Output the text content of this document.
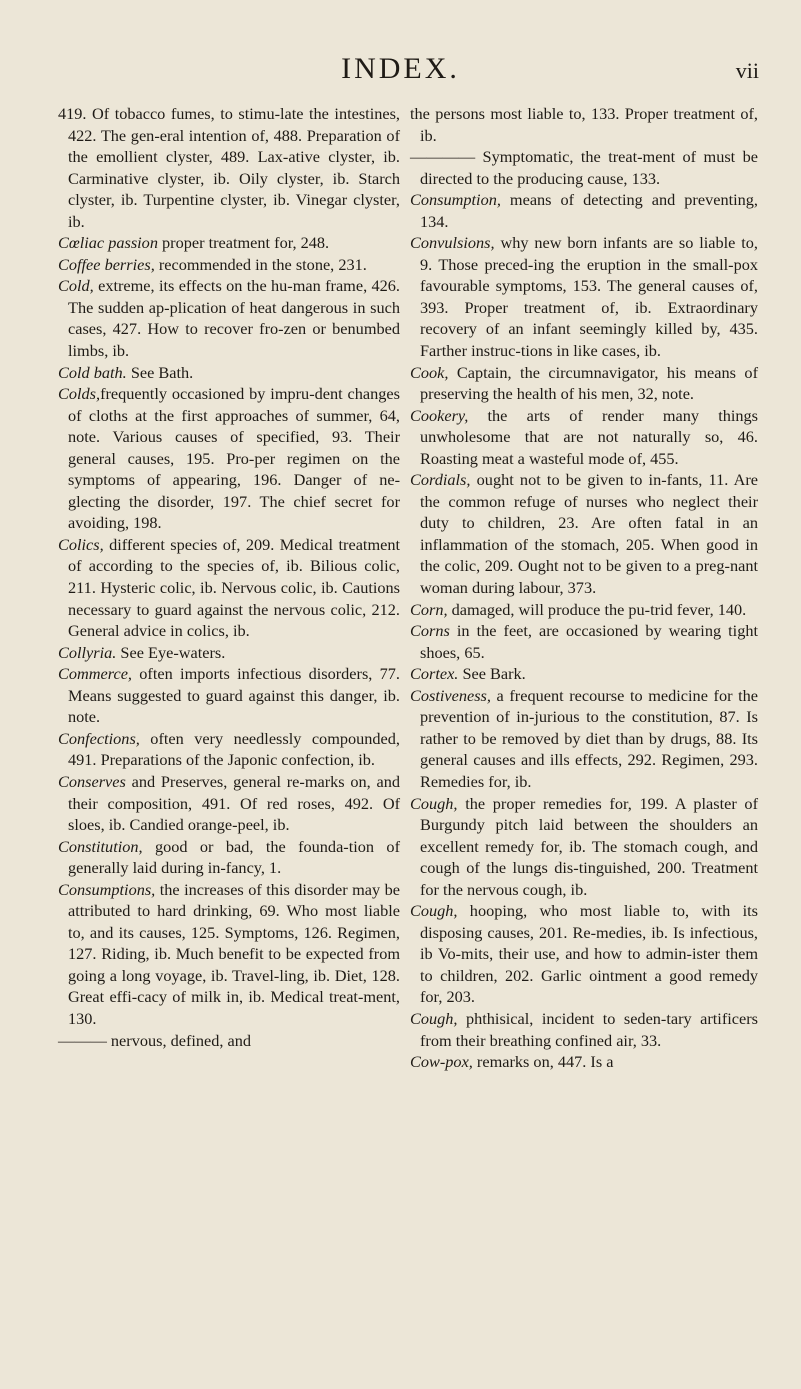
INDEX.	vii

419. Of tobacco fumes, to stimu-late the intestines, 422. The gen-eral intention of, 488. Preparation of the emollient clyster, 489. Lax-ative clyster, ib. Carminative clyster, ib. Oily clyster, ib. Starch clyster, ib. Turpentine clyster, ib. Vinegar clyster, ib.

Cœliac passion proper treatment for, 248.

Coffee berries, recommended in the stone, 231.

Cold, extreme, its effects on the hu-man frame, 426. The sudden ap-plication of heat dangerous in such cases, 427. How to recover fro-zen or benumbed limbs, ib.

Cold bath. See Bath.

Colds,frequently occasioned by impru-dent changes of cloths at the first approaches of summer, 64, note. Various causes of specified, 93. Their general causes, 195. Pro-per regimen on the symptoms of appearing, 196. Danger of ne-glecting the disorder, 197. The chief secret for avoiding, 198.

Colics, different species of, 209. Medical treatment of according to the species of, ib. Bilious colic, 211. Hysteric colic, ib. Nervous colic, ib. Cautions necessary to guard against the nervous colic, 212. General advice in colics, ib.

Collyria. See Eye-waters.

Commerce, often imports infectious disorders, 77. Means suggested to guard against this danger, ib. note.

Confections, often very needlessly compounded, 491. Preparations of the Japonic confection, ib.

Conserves and Preserves, general re-marks on, and their composition, 491. Of red roses, 492. Of sloes, ib. Candied orange-peel, ib.

Constitution, good or bad, the founda-tion of generally laid during in-fancy, 1.

Consumptions, the increases of this disorder may be attributed to hard drinking, 69. Who most liable to, and its causes, 125. Symptoms, 126. Regimen, 127. Riding, ib. Much benefit to be expected from going a long voyage, ib. Travel-ling, ib. Diet, 128. Great effi-cacy of milk in, ib. Medical treat-ment, 130.

——— nervous, defined, and

the persons most liable to, 133. Proper treatment of, ib.

———— Symptomatic, the treat-ment of must be directed to the producing cause, 133.

Consumption, means of detecting and preventing, 134.

Convulsions, why new born infants are so liable to, 9. Those preced-ing the eruption in the small-pox favourable symptoms, 153. The general causes of, 393. Proper treatment of, ib. Extraordinary recovery of an infant seemingly killed by, 435. Farther instruc-tions in like cases, ib.

Cook, Captain, the circumnavigator, his means of preserving the health of his men, 32, note.

Cookery, the arts of render many things unwholesome that are not naturally so, 46. Roasting meat a wasteful mode of, 455.

Cordials, ought not to be given to in-fants, 11. Are the common refuge of nurses who neglect their duty to children, 23. Are often fatal in an inflammation of the stomach, 205. When good in the colic, 209. Ought not to be given to a preg-nant woman during labour, 373.

Corn, damaged, will produce the pu-trid fever, 140.

Corns in the feet, are occasioned by wearing tight shoes, 65.

Cortex. See Bark.

Costiveness, a frequent recourse to medicine for the prevention of in-jurious to the constitution, 87. Is rather to be removed by diet than by drugs, 88. Its general causes and ills effects, 292. Regimen, 293. Remedies for, ib.

Cough, the proper remedies for, 199. A plaster of Burgundy pitch laid between the shoulders an excellent remedy for, ib. The stomach cough, and cough of the lungs dis-tinguished, 200. Treatment for the nervous cough, ib.

Cough, hooping, who most liable to, with its disposing causes, 201. Re-medies, ib. Is infectious, ib Vo-mits, their use, and how to admin-ister them to children, 202. Garlic ointment a good remedy for, 203.

Cough, phthisical, incident to seden-tary artificers from their breathing confined air, 33.

Cow-pox, remarks on, 447. Is a
